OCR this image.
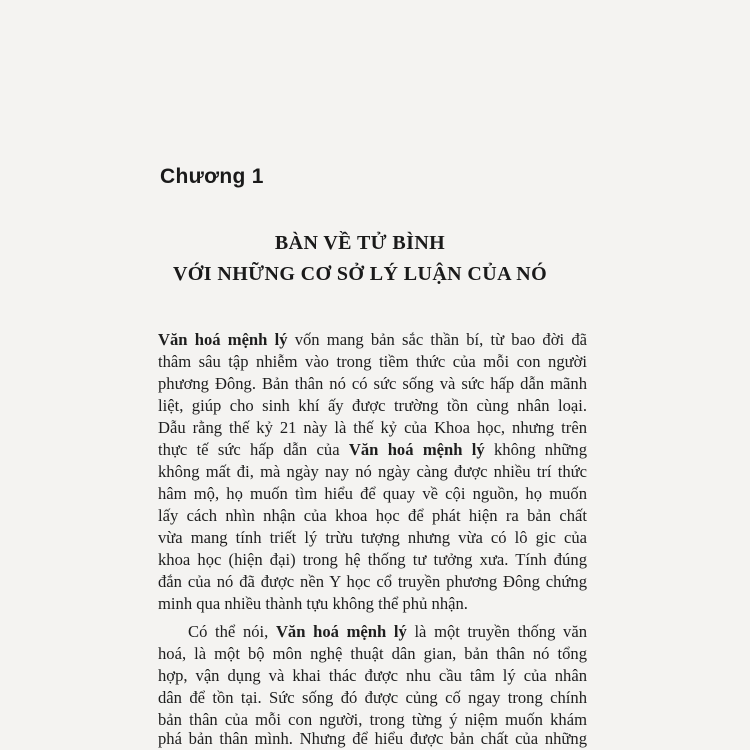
Chương 1
BÀN VỀ TỬ BÌNH
VỚI NHỮNG CƠ SỞ LÝ LUẬN CỦA NÓ
Văn hoá mệnh lý vốn mang bản sắc thần bí, từ bao đời đã
thâm sâu tập nhiễm vào trong tiềm thức của mỗi con người
phương Đông. Bản thân nó có sức sống và sức hấp dẫn mãnh
liệt, giúp cho sinh khí ấy được trường tồn cùng nhân loại.
Dẫu rằng thế kỷ 21 này là thế kỷ của Khoa học, nhưng trên
thực tế sức hấp dẫn của Văn hoá mệnh lý không những
không mất đi, mà ngày nay nó ngày càng được nhiều trí thức
hâm mộ, họ muốn tìm hiểu để quay về cội nguồn, họ muốn
lấy cách nhìn nhận của khoa học để phát hiện ra bản chất
vừa mang tính triết lý trừu tượng nhưng vừa có lô gic của
khoa học (hiện đại) trong hệ thống tư tưởng xưa. Tính đúng
đắn của nó đã được nền Y học cổ truyền phương Đông chứng
minh qua nhiều thành tựu không thể phủ nhận.
Có thể nói, Văn hoá mệnh lý là một truyền thống văn
hoá, là một bộ môn nghệ thuật dân gian, bản thân nó tổng
hợp, vận dụng và khai thác được nhu cầu tâm lý của nhân
dân để tồn tại. Sức sống đó được củng cố ngay trong chính
bản thân của mỗi con người, trong từng ý niệm muốn khám
phá bản thân mình. Nhưng để hiểu được bản chất của những
